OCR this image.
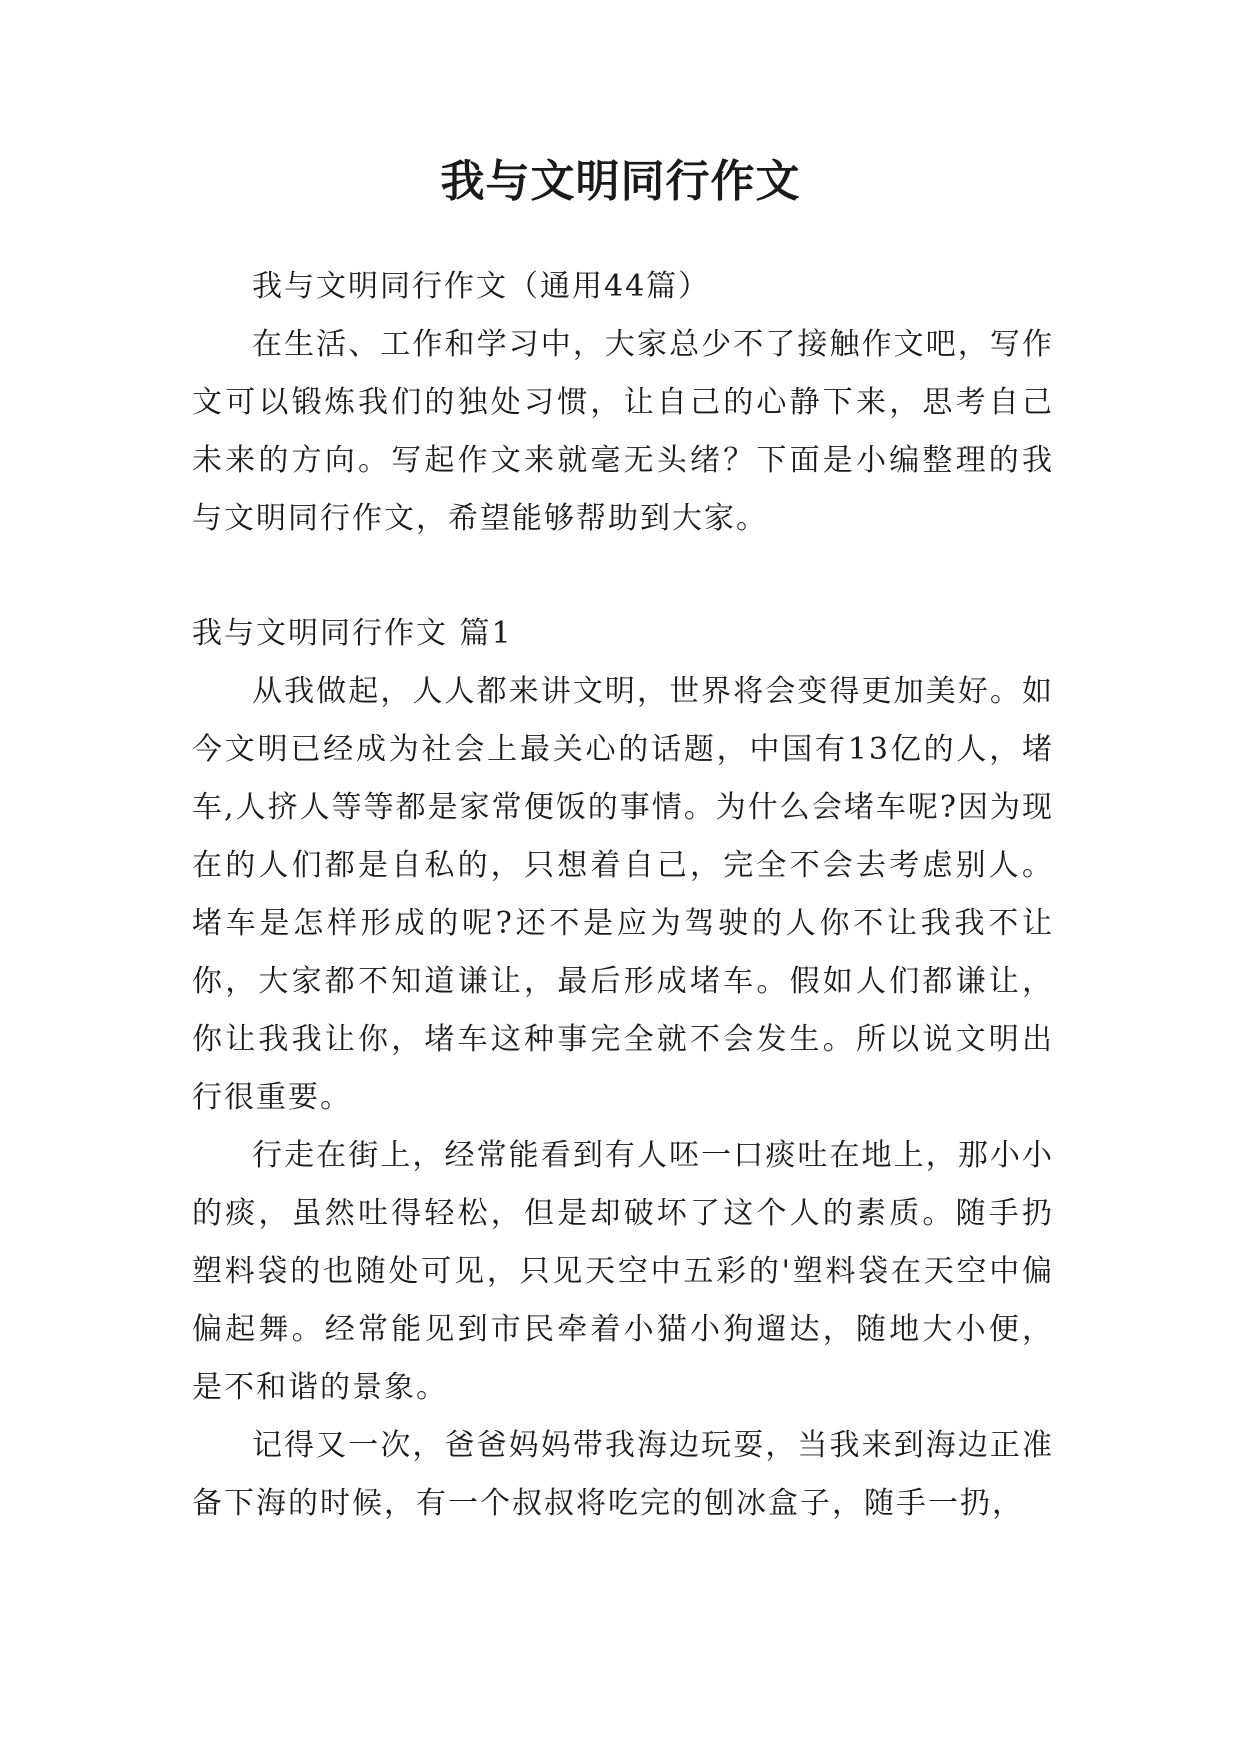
我与文明同行作文

我与文明同行作文（通用44篇）

在生活、工作和学习中，大家总少不了接触作文吧，写作文可以锻炼我们的独处习惯，让自己的心静下来，思考自己未来的方向。写起作文来就毫无头绪？下面是小编整理的我与文明同行作文，希望能够帮助到大家。

我与文明同行作文 篇1

从我做起，人人都来讲文明，世界将会变得更加美好。如今文明已经成为社会上最关心的话题，中国有13亿的人，堵车,人挤人等等都是家常便饭的事情。为什么会堵车呢?因为现在的人们都是自私的，只想着自己，完全不会去考虑别人。堵车是怎样形成的呢?还不是应为驾驶的人你不让我我不让你，大家都不知道谦让，最后形成堵车。假如人们都谦让，你让我我让你，堵车这种事完全就不会发生。所以说文明出行很重要。

行走在街上，经常能看到有人呸一口痰吐在地上，那小小的痰，虽然吐得轻松，但是却破坏了这个人的素质。随手扔塑料袋的也随处可见，只见天空中五彩的'塑料袋在天空中偏偏起舞。经常能见到市民牵着小猫小狗遛达，随地大小便，是不和谐的景象。

记得又一次，爸爸妈妈带我海边玩耍，当我来到海边正准备下海的时候，有一个叔叔将吃完的刨冰盒子，随手一扔，
